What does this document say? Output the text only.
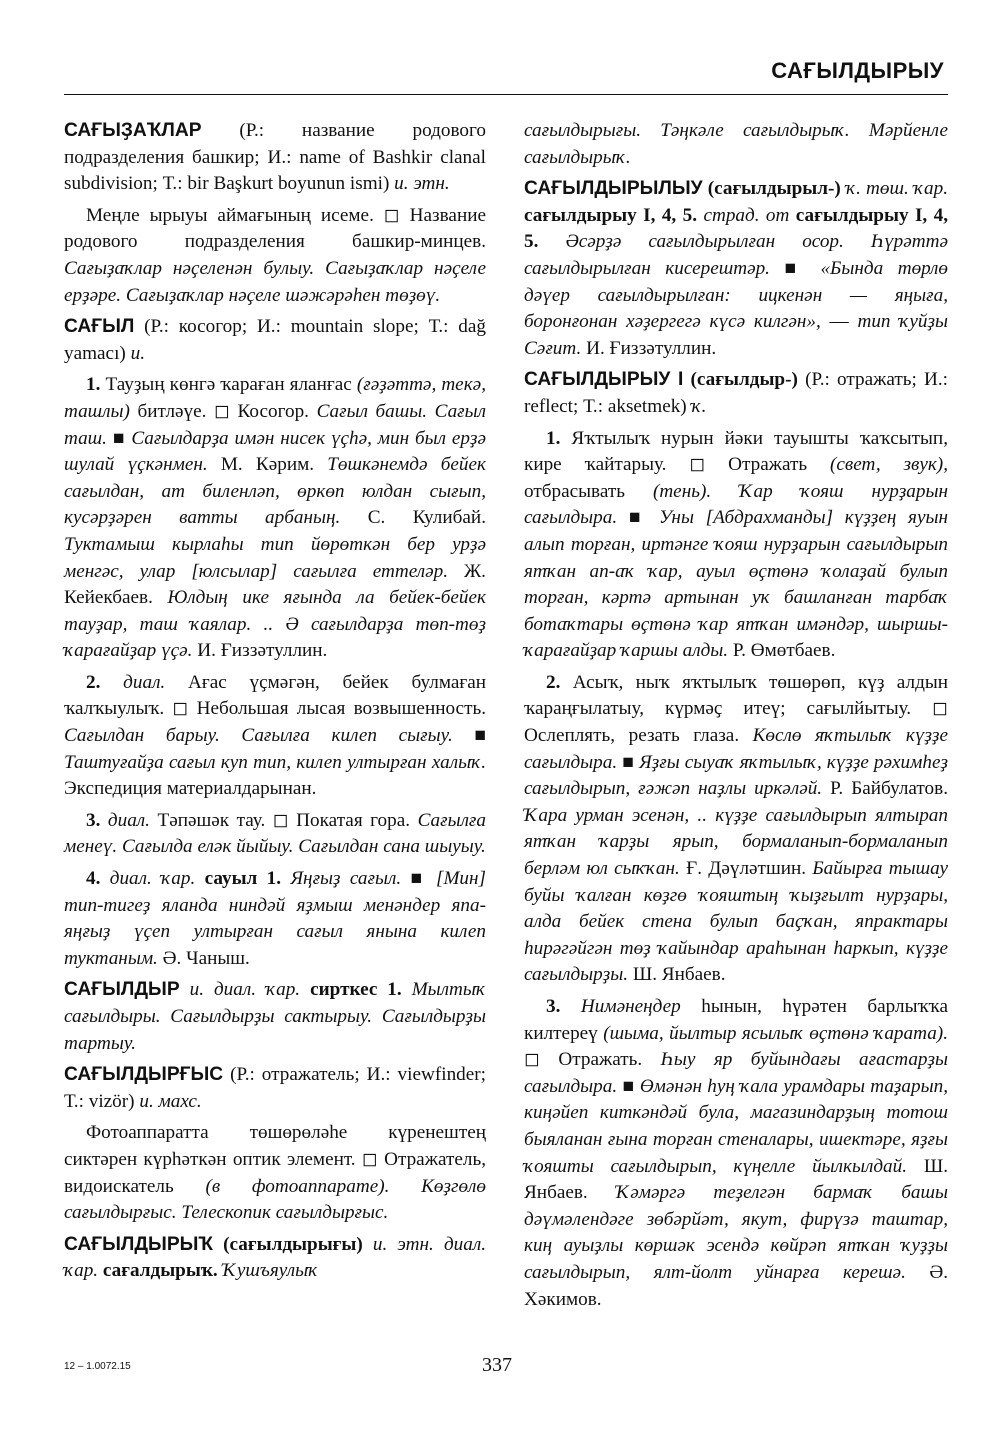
САҒЫЛДЫРЫУ

САҒЫҘАҠЛАР (Р.: название родового подразделения башкир; И.: name of Bashkir clanal subdivision; Т.: bir Başkurt boyunun ismi) и. этн.

Меңле ырыуы аймағының исеме. ◻ Название родового подразделения башкир-минцев. Сағыҙаҡлар нәҫеленән булыу. Сағыҙаҡлар нәҫеле ерҙәре. Сағыҙаҡлар нәҫеле шәжәрәһен төҙөү.

САҒЫЛ (Р.: косогор; И.: mountain slope; Т.: dağ yamacı) и.

1. Тауҙың көнгә ҡараған яланғас (ғәҙәттә, текә, ташлы) битләүе. ◻ Косогор. Сағыл башы. Сағыл таш. ■ Сағылдарҙа имән нисек үҫһә, мин был ерҙә шулай үҫкәнмен. М. Кәрим. Төшкәнемдә бейек сағылдан, ат биленләп, өркөп юлдан сығып, кусәрҙәрен ватты арбаның. С. Кулибай. Туктамыш кырлаһы тип йөрөткән бер урҙә менгәс, улар [юлсылар] сағылға еттеләр. Ж. Кейекбаев. Юлдың ике яғында ла бейек-бейек тауҙар, таш ҡаялар. .. Ә сағылдарҙа төп-төҙ ҡарағайҙар үҫә. И. Ғиззәтуллин.

2. диал. Ағас үҫмәгән, бейек булмаған ҡалҡыулыҡ. ◻ Небольшая лысая возвышенность. Сағылдан барыу. Сағылға килеп сығыу. ■ Таштуғайҙа сағыл куп тип, килеп ултырған халыҡ. Экспедиция материалдарынан.

3. диал. Тәпәшәк тау. ◻ Покатая гора. Сағылға менеү. Сағылда еләк йыйыу. Сағылдан сана шыуыу.

4. диал. ҡар. сауыл 1. Яңғыҙ сағыл. ■ [Мин] тип-тигеҙ яланда ниндәй яҙмыш менәндер япа-яңғыҙ үҫеп ултырған сағыл янына килеп туктаным. Ә. Чаныш.

САҒЫЛДЫР и. диал. ҡар. сирткес 1. Мылтыҡ сағылдыры. Сағылдырҙы сактырыу. Сағылдырҙы тартыу.

САҒЫЛДЫРҒЫС (Р.: отражатель; И.: viewfinder; Т.: vizör) и. махс.

Фотоаппаратта төшөрөләһе күренештең сиктәрен күрһәткән оптик элемент. ◻ Отражатель, видоискатель (в фотоаппарате). Көҙгөлө сағылдырғыс. Телескопик сағылдырғыс.

САҒЫЛДЫРЫҠ (сағылдырығы) и. этн. диал. ҡар. сағалдырыҡ. Ҡушъяулыҡ

сағылдырығы. Тәңкәле сағылдырыҡ. Мәрйенле сағылдырыҡ.

САҒЫЛДЫРЫЛЫУ (сағылдырыл-) ҡ. төш. ҡар. сағылдырыу I, 4, 5. страд. от сағылдырыу I, 4, 5. Әсәрҙә сағылдырылған осор. Һүрәттә сағылдырылған кисерештәр. ■ «Бында төрлө дәүер сағылдырылған: ицкенән — яңыға, боронғонан хәҙергегә күсә килгән», — тип ҡуйҙы Сәғит. И. Ғиззәтуллин.

САҒЫЛДЫРЫУ I (сағылдыр-) (Р.: отражать; И.: reflect; Т.: aksetmek) ҡ.

1. Яҡтылыҡ нурын йәки тауышты ҡаҡсытып, кире ҡайтарыу. ◻ Отражать (свет, звук), отбрасывать (тень). Ҡар ҡояш нурҙарын сағылдыра. ■ Уны [Абдрахманды] күҙҙең яуын алып торған, иртәнге ҡояш нурҙарын сағылдырып ятҡан ап-аҡ ҡар, ауыл өҫтөнә ҡолаҙай булып торған, кәртә артынан уҡ башланған тарбаҡ ботаҡтары өҫтөнә ҡар ятҡан имәндәр, шыршы-ҡарағайҙар ҡаршы алды. Р. Өмөтбаев.

2. Асыҡ, ныҡ яҡтылыҡ төшөрөп, күҙ алдын ҡараңғылатыу, күрмәҫ итеү; сағылйытыу. ◻ Ослеплять, резать глаза. Көслө яҡтылыҡ күҙҙе сағылдыра. ■ Яҙғы сыуаҡ яҡтылыҡ, күҙҙе рәхимһеҙ сағылдырып, ғәжәп наҙлы иркәләй. Р. Байбулатов. Ҡара урман эсенән, .. күҙҙе сағылдырып ялтырап ятҡан ҡарҙы ярып, бормаланып-бормаланып берләм юл сыҡҡан. Ғ. Дәүләтшин. Байырға тышау буйы ҡалған көҙгө ҡояштың ҡыҙғылт нурҙары, алда бейек стена булып баҫҡан, япрактары һирәгәйгән төҙ ҡайындар араһынан һаркып, күҙҙе сағылдырҙы. Ш. Янбаев.

3. Нимәнеңдер һынын, һүрәтен барлыҡҡа килтереү (шыма, йылтыр ясылыҡ өҫтөнә ҡарата). ◻ Отражать. Һыу яр буйындағы ағастарҙы сағылдыра. ■ Өмәнән һуң ҡала урамдары таҙарып, киңәйеп киткәндәй була, магазиндарҙың тотош быяланан ғына торған стеналары, ишектәре, яҙғы ҡояшты сағылдырып, күңелле йылкылдай. Ш. Янбаев. Ҡәмәргә теҙелгән бармаҡ башы дәүмәлендәге зөбәрйәт, якут, фирүзә таштар, киң ауыҙлы көршәк эсендә көйрәп ятҡан ҡуҙҙы сағылдырып, ялт-йолт уйнарға керешә. Ә. Хәкимов.

12 – 1.0072.15	337
